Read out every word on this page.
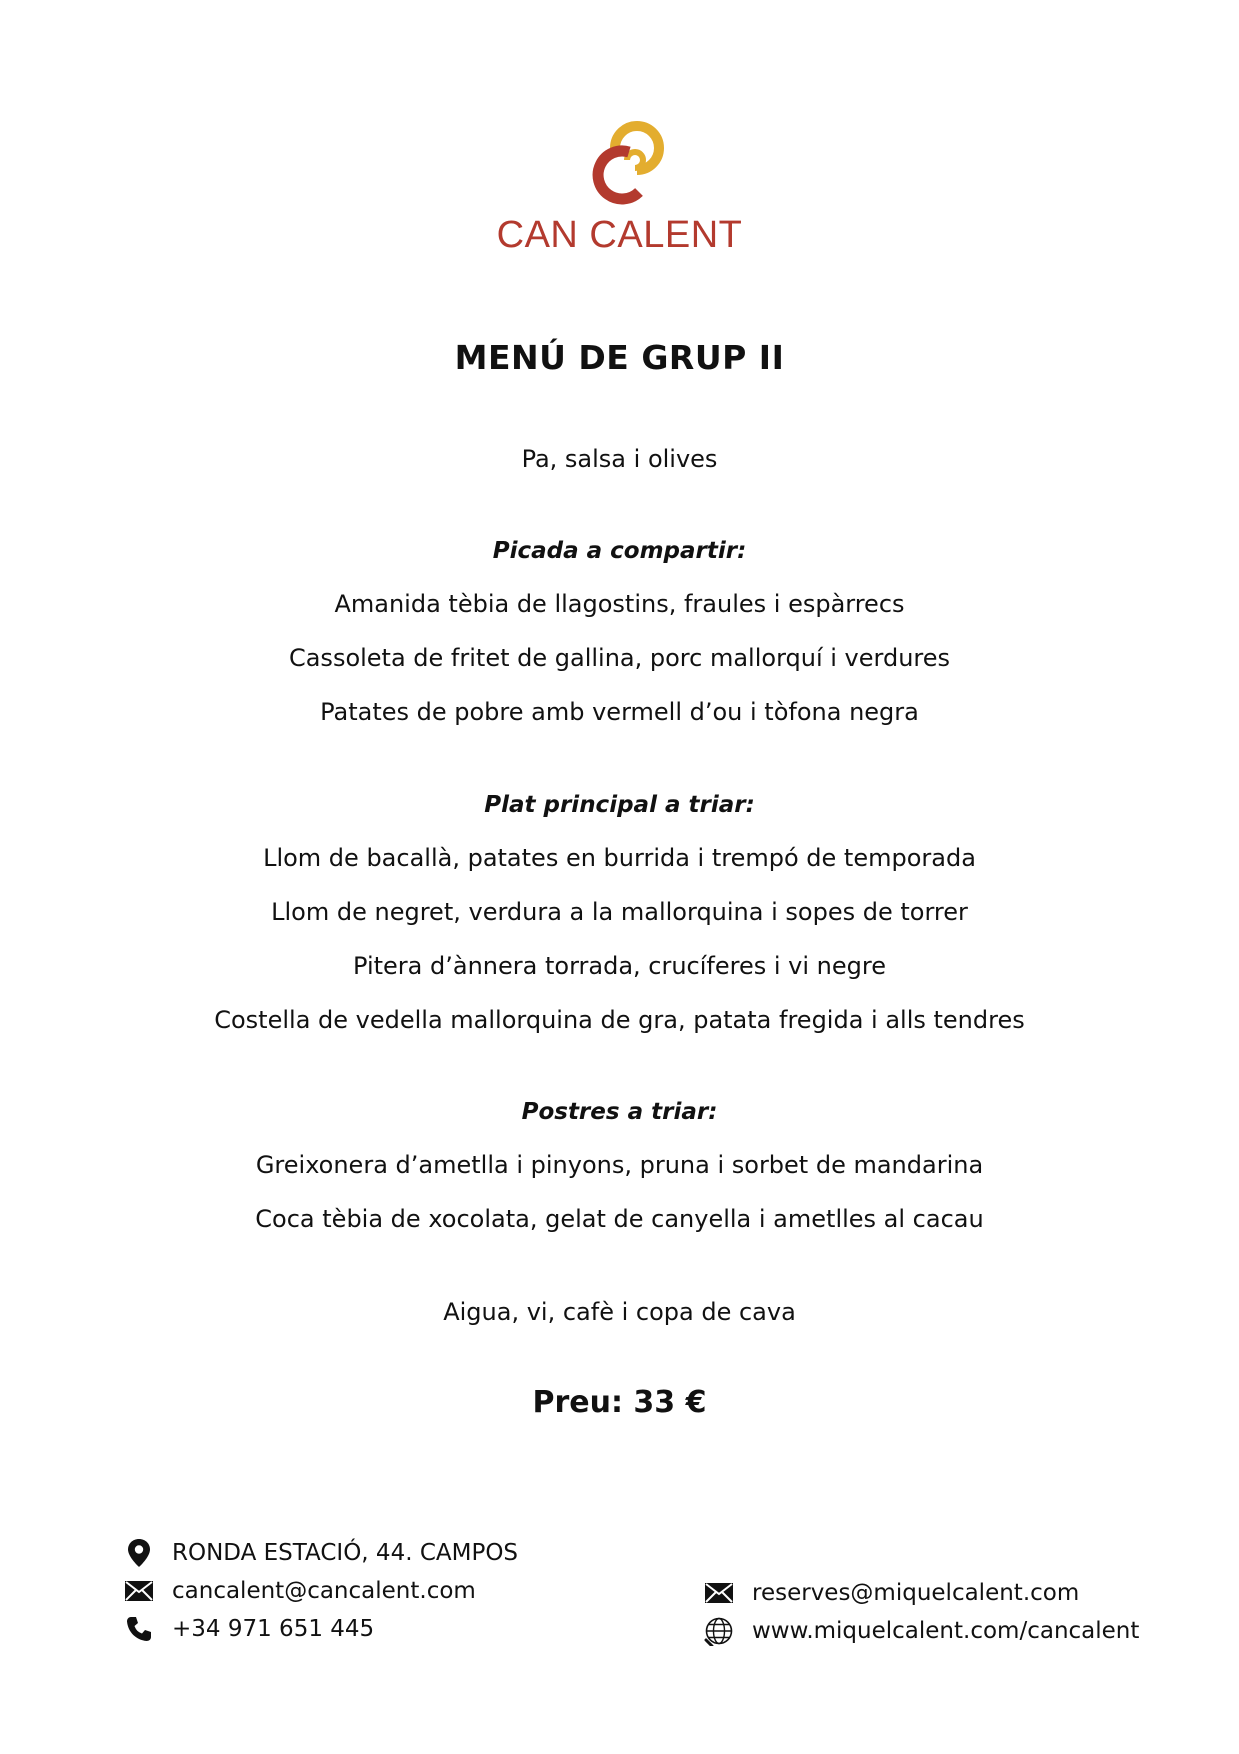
CAN CALENT
MENÚ DE GRUP II
Pa, salsa i olives
Picada a compartir:
Amanida tèbia de llagostins, fraules i espàrrecs
Cassoleta de fritet de gallina, porc mallorquí i verdures
Patates de pobre amb vermell d’ou i tòfona negra
Plat principal a triar:
Llom de bacallà, patates en burrida i trempó de temporada
Llom de negret, verdura a la mallorquina i sopes de torrer
Pitera d’ànnera torrada, crucíferes i vi negre
Costella de vedella mallorquina de gra, patata fregida i alls tendres
Postres a triar:
Greixonera d’ametlla i pinyons, pruna i sorbet de mandarina
Coca tèbia de xocolata, gelat de canyella i ametlles al cacau
Aigua, vi, cafè i copa de cava
Preu: 33 €
RONDA ESTACIÓ, 44. CAMPOS
cancalent@cancalent.com
+34 971 651 445
reserves@miquelcalent.com
www.miquelcalent.com/cancalent
